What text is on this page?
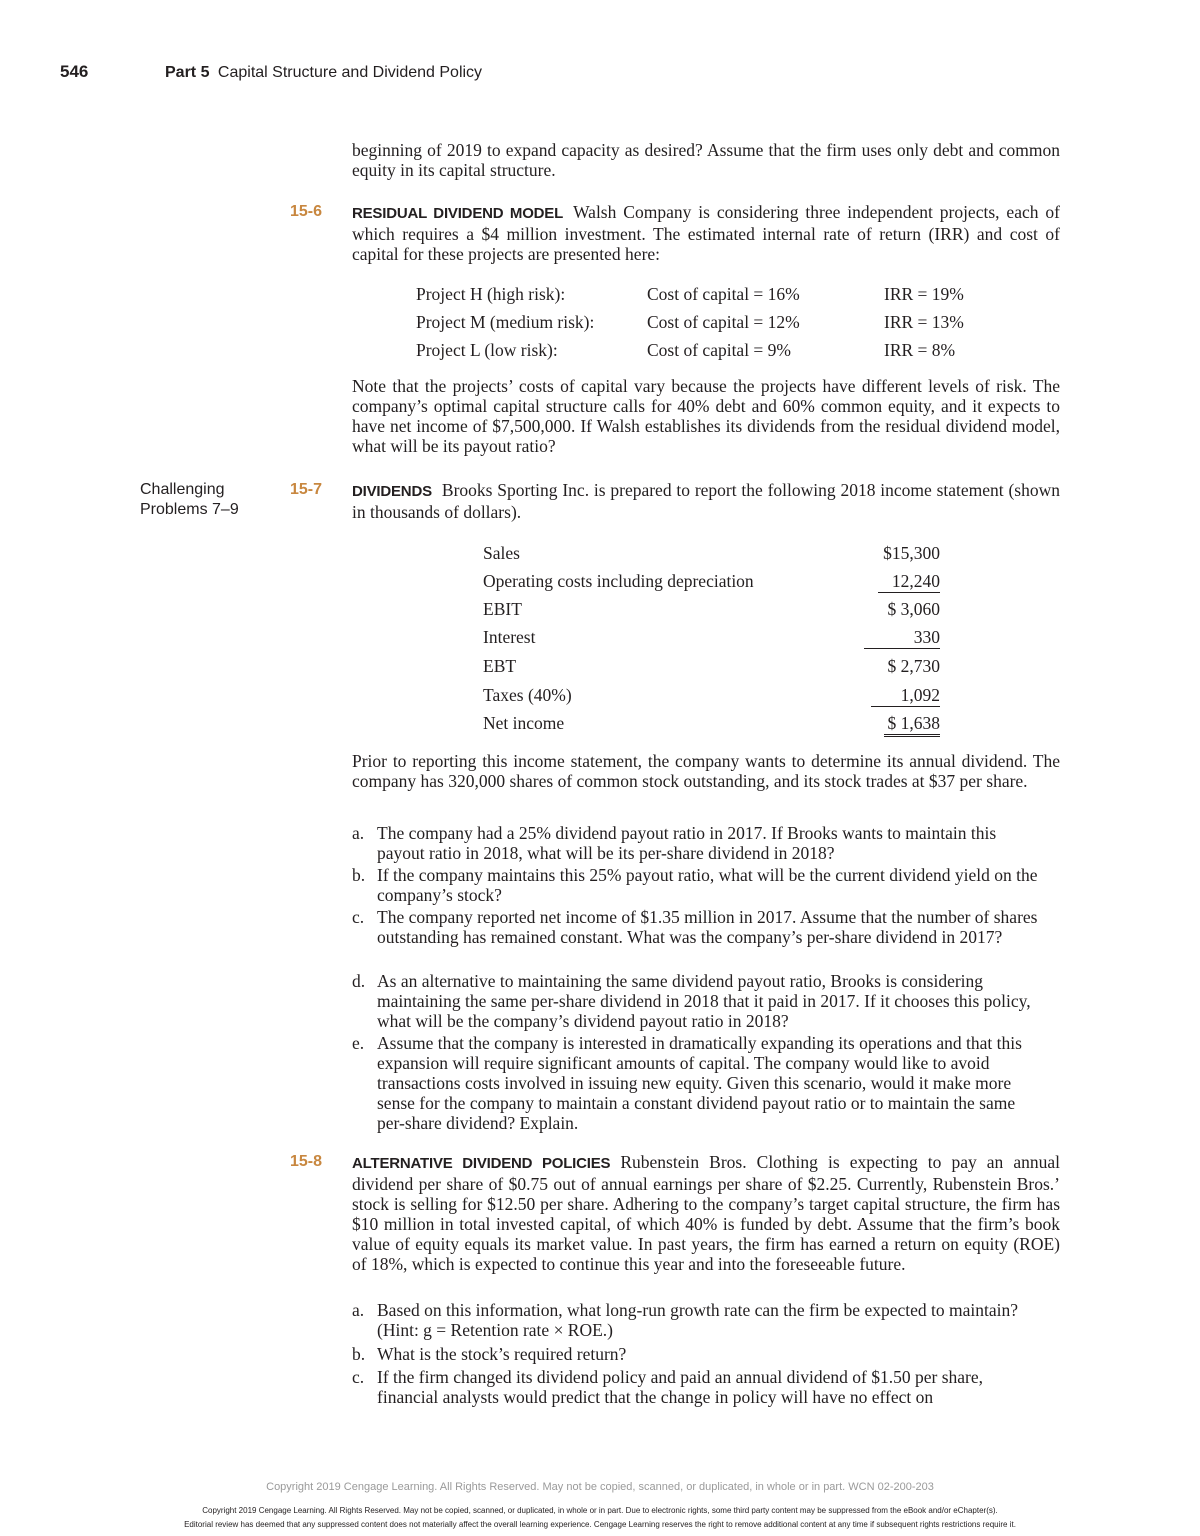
546	Part 5 Capital Structure and Dividend Policy

beginning of 2019 to expand capacity as desired? Assume that the firm uses only debt and common equity in its capital structure.

15-6 RESIDUAL DIVIDEND MODEL Walsh Company is considering three independent projects, each of which requires a $4 million investment. The estimated internal rate of return (IRR) and cost of capital for these projects are presented here:

Project H (high risk):	Cost of capital = 16%	IRR = 19%
Project M (medium risk):	Cost of capital = 12%	IRR = 13%
Project L (low risk):	Cost of capital = 9%	IRR = 8%

Note that the projects’ costs of capital vary because the projects have different levels of risk. The company’s optimal capital structure calls for 40% debt and 60% common equity, and it expects to have net income of $7,500,000. If Walsh establishes its dividends from the residual dividend model, what will be its payout ratio?

Challenging
Problems 7–9
15-7 DIVIDENDS Brooks Sporting Inc. is prepared to report the following 2018 income statement (shown in thousands of dollars).

Sales	$15,300
Operating costs including depreciation	12,240
EBIT	$ 3,060
Interest	330
EBT	$ 2,730
Taxes (40%)	1,092
Net income	$ 1,638

Prior to reporting this income statement, the company wants to determine its annual dividend. The company has 320,000 shares of common stock outstanding, and its stock trades at $37 per share.

a. The company had a 25% dividend payout ratio in 2017. If Brooks wants to maintain this payout ratio in 2018, what will be its per-share dividend in 2018?
b. If the company maintains this 25% payout ratio, what will be the current dividend yield on the company’s stock?
c. The company reported net income of $1.35 million in 2017. Assume that the number of shares outstanding has remained constant. What was the company’s per-share dividend in 2017?
d. As an alternative to maintaining the same dividend payout ratio, Brooks is considering maintaining the same per-share dividend in 2018 that it paid in 2017. If it chooses this policy, what will be the company’s dividend payout ratio in 2018?
e. Assume that the company is interested in dramatically expanding its operations and that this expansion will require significant amounts of capital. The company would like to avoid transactions costs involved in issuing new equity. Given this scenario, would it make more sense for the company to maintain a constant dividend payout ratio or to maintain the same per-share dividend? Explain.
15-8 ALTERNATIVE DIVIDEND POLICIES Rubenstein Bros. Clothing is expecting to pay an annual dividend per share of $0.75 out of annual earnings per share of $2.25. Currently, Rubenstein Bros.’ stock is selling for $12.50 per share. Adhering to the company’s target capital structure, the firm has $10 million in total invested capital, of which 40% is funded by debt. Assume that the firm’s book value of equity equals its market value. In past years, the firm has earned a return on equity (ROE) of 18%, which is expected to continue this year and into the foreseeable future.

a. Based on this information, what long-run growth rate can the firm be expected to maintain? (Hint: g = Retention rate × ROE.)
b. What is the stock’s required return?
c. If the firm changed its dividend policy and paid an annual dividend of $1.50 per share, financial analysts would predict that the change in policy will have no effect on
Copyright 2019 Cengage Learning. All Rights Reserved. May not be copied, scanned, or duplicated, in whole or in part. WCN 02-200-203
Copyright 2019 Cengage Learning. All Rights Reserved. May not be copied, scanned, or duplicated, in whole or in part. Due to electronic rights, some third party content may be suppressed from the eBook and/or eChapter(s).
Editorial review has deemed that any suppressed content does not materially affect the overall learning experience. Cengage Learning reserves the right to remove additional content at any time if subsequent rights restrictions require it.
